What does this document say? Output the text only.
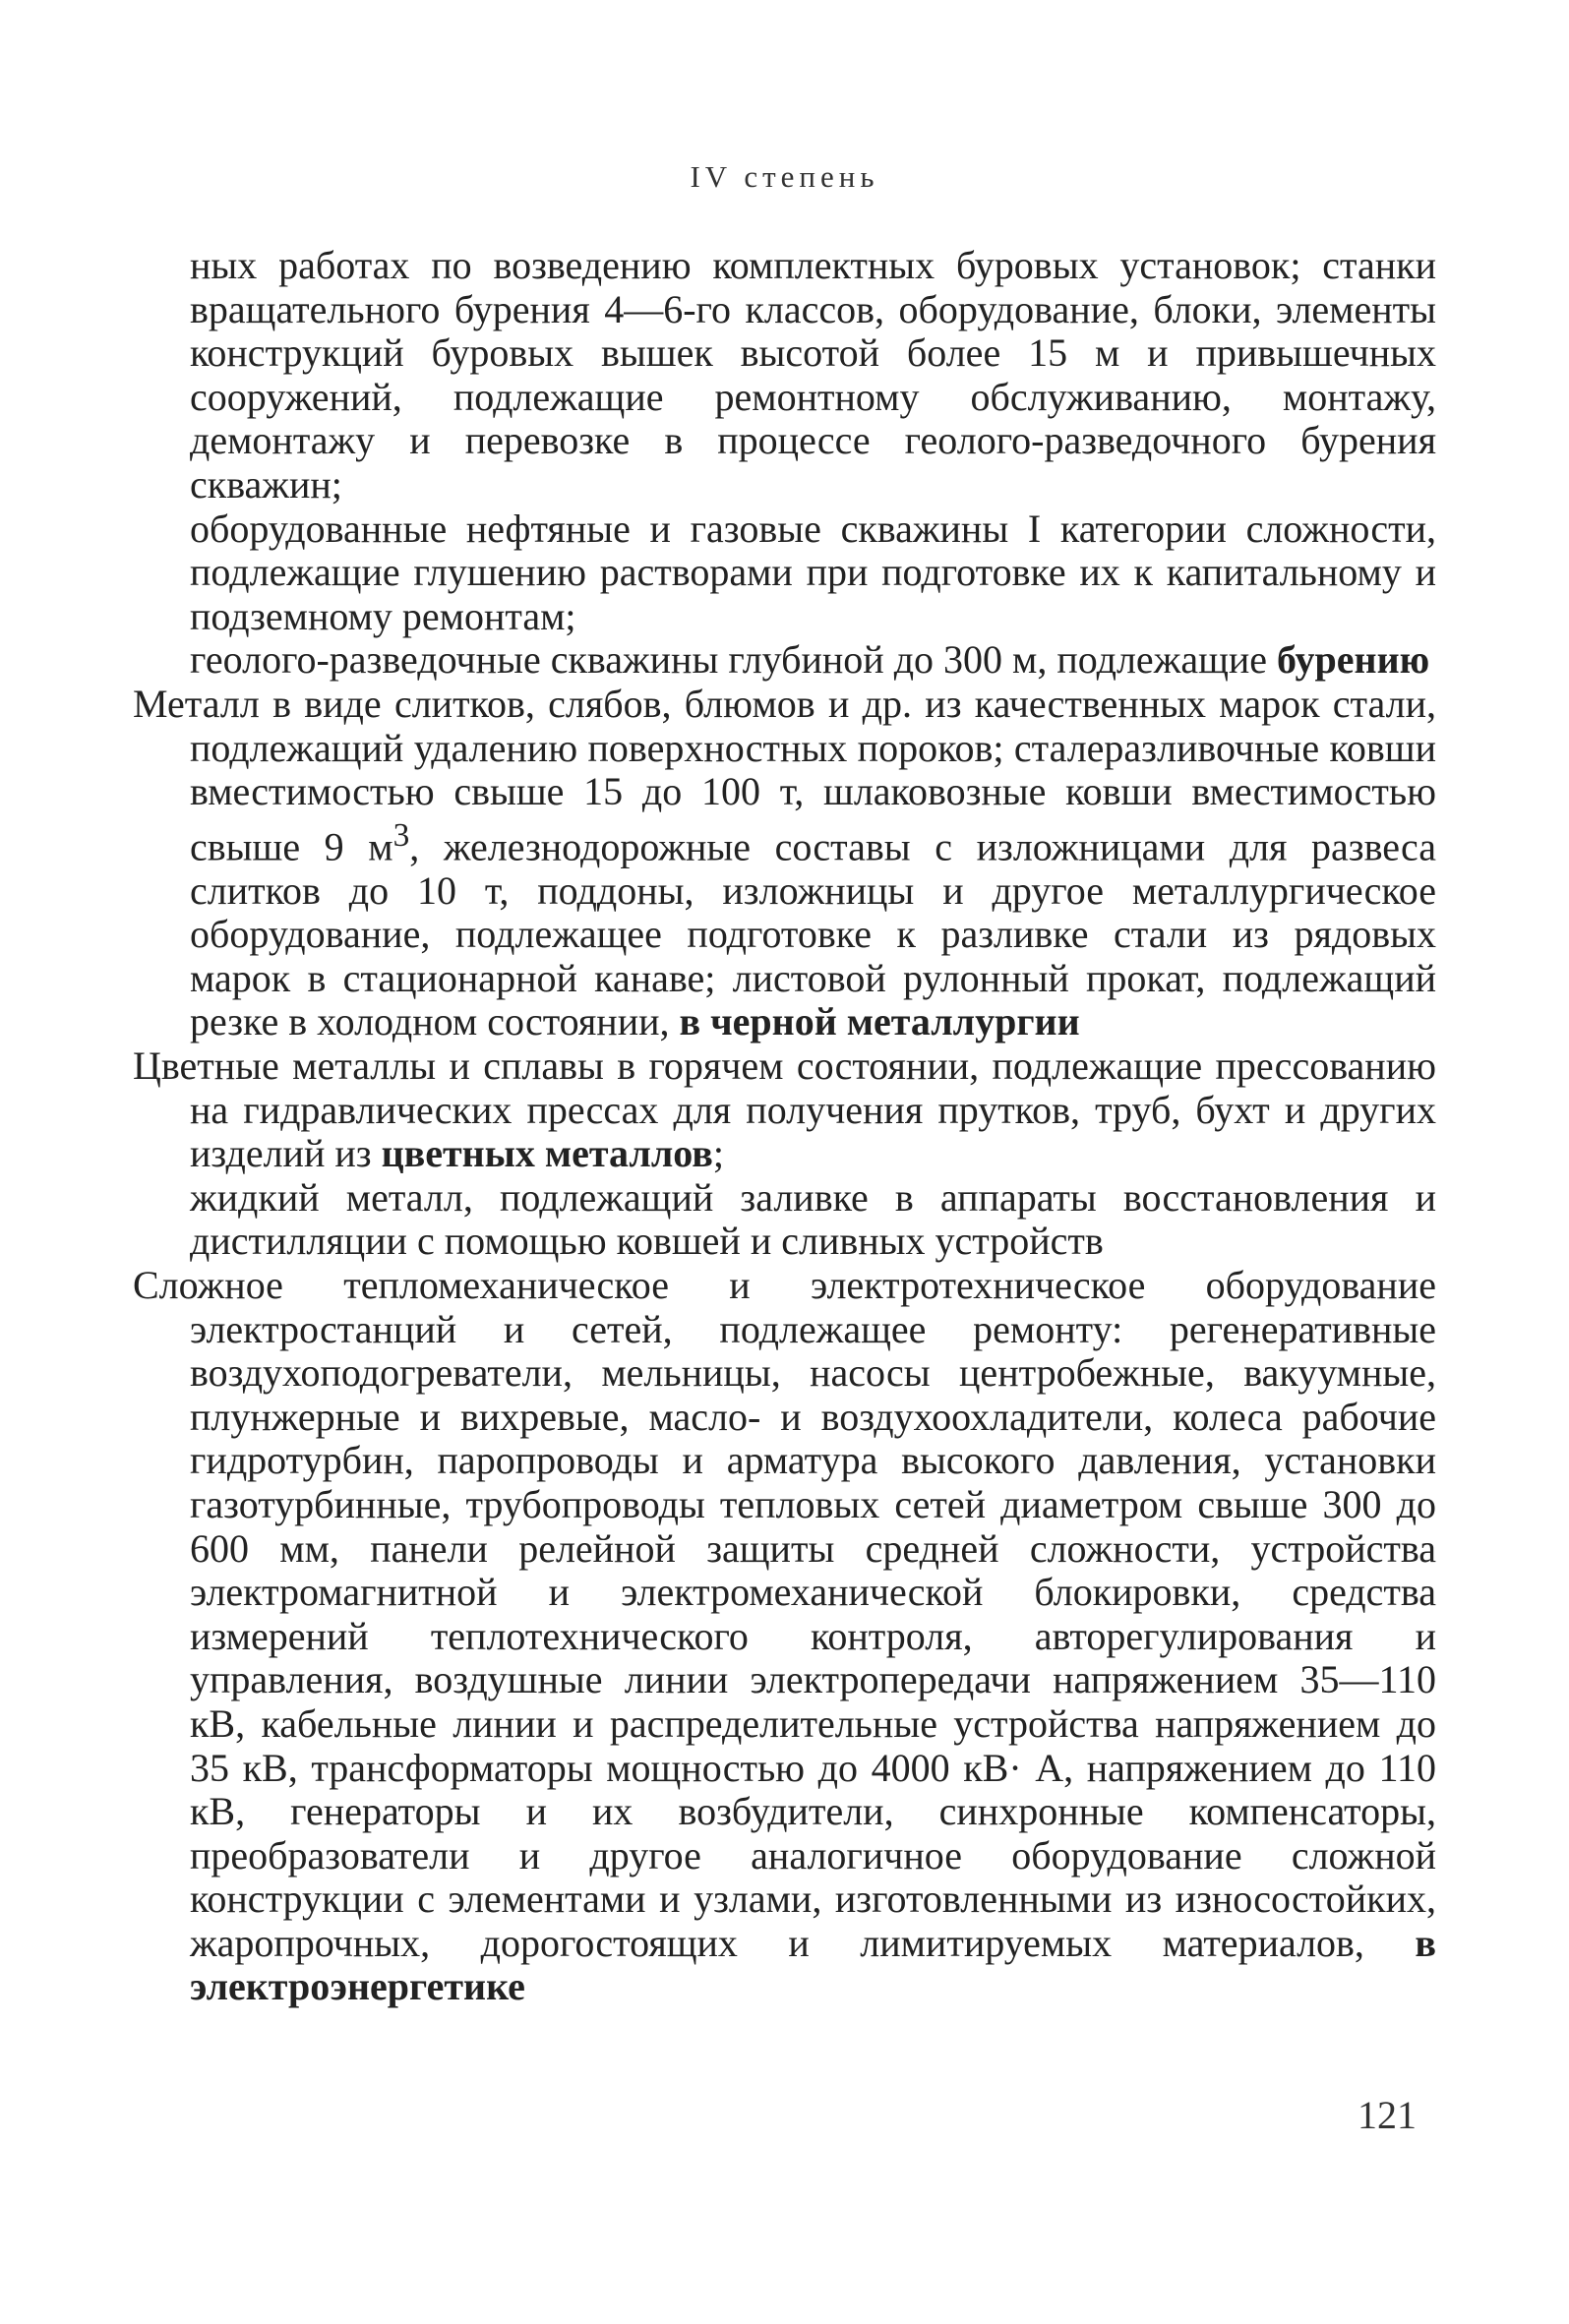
IV степень

ных работах по возведению комплектных буровых установок; станки вращательного бурения 4—6-го классов, оборудование, блоки, элементы конструкций буровых вышек высотой более 15 м и привышечных сооружений, подлежащие ремонтному обслуживанию, монтажу, демонтажу и перевозке в процессе геолого-разведочного бурения скважин;

оборудованные нефтяные и газовые скважины I категории сложности, подлежащие глушению растворами при подготовке их к капитальному и подземному ремонтам;

геолого-разведочные скважины глубиной до 300 м, подлежащие бурению

Металл в виде слитков, слябов, блюмов и др. из качественных марок стали, подлежащий удалению поверхностных пороков; сталеразливочные ковши вместимостью свыше 15 до 100 т, шлаковозные ковши вместимостью свыше 9 $м^3$, железнодорожные составы с изложницами для развеса слитков до 10 т, поддоны, изложницы и другое металлургическое оборудование, подлежащее подготовке к разливке стали из рядовых марок в стационарной канаве; листовой рулонный прокат, подлежащий резке в холодном состоянии, в черной металлургии

Цветные металлы и сплавы в горячем состоянии, подлежащие прессованию на гидравлических прессах для получения прутков, труб, бухт и других изделий из цветных металлов;

жидкий металл, подлежащий заливке в аппараты восстановления и дистилляции с помощью ковшей и сливных устройств

Сложное тепломеханическое и электротехническое оборудование электростанций и сетей, подлежащее ремонту: регенеративные воздухоподогреватели, мельницы, насосы центробежные, вакуумные, плунжерные и вихревые, масло- и воздухоохладители, колеса рабочие гидротурбин, паропроводы и арматура высокого давления, установки газотурбинные, трубопроводы тепловых сетей диаметром свыше 300 до 600 мм, панели релейной защиты средней сложности, устройства электромагнитной и электромеханической блокировки, средства измерений теплотехнического контроля, авторегулирования и управления, воздушные линии электропередачи напряжением 35—110 кВ, кабельные линии и распределительные устройства напряжением до 35 кВ, трансформаторы мощностью до 4000 кВ· А, напряжением до 110 кВ, генераторы и их возбудители, синхронные компенсаторы, преобразователи и другое аналогичное оборудование сложной конструкции с элементами и узлами, изготовленными из износостойких, жаропрочных, дорогостоящих и лимитируемых материалов, в электроэнергетике

121
